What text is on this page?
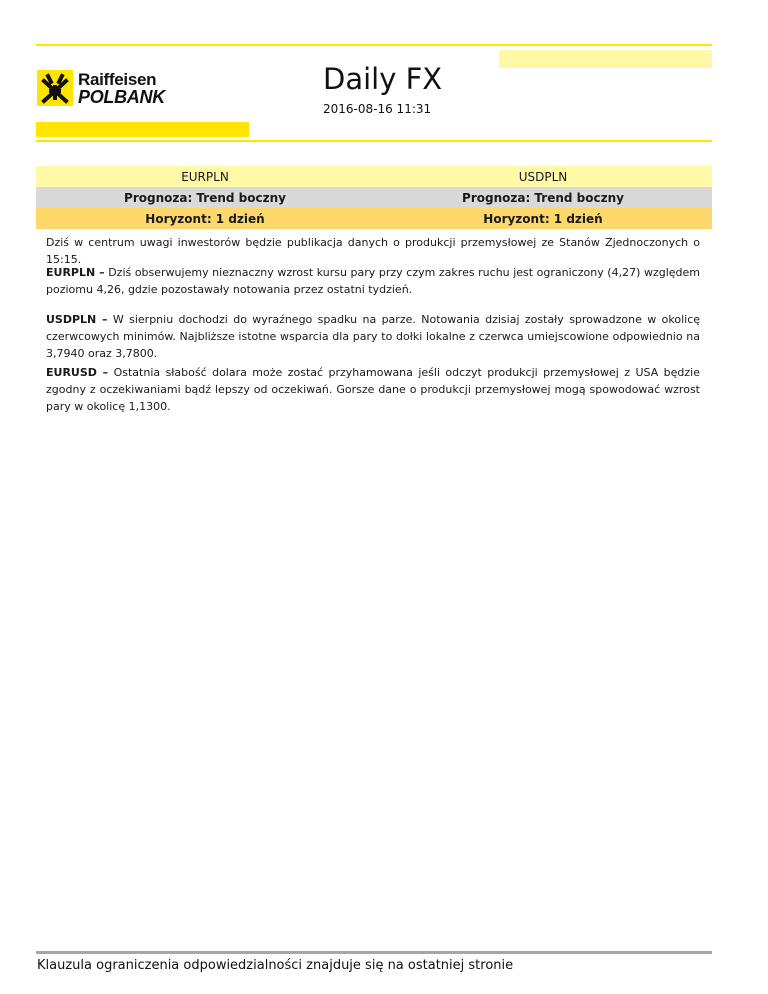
Raiffeisen
POLBANK
Daily FX
2016-08-16 11:31
EURPLN	USDPLN
Prognoza: Trend boczny	Prognoza: Trend boczny
Horyzont: 1 dzień	Horyzont: 1 dzień
Dziś w centrum uwagi inwestorów będzie publikacja danych o produkcji przemysłowej ze Stanów Zjednoczonych o 15:15.
EURPLN – Dziś obserwujemy nieznaczny wzrost kursu pary przy czym zakres ruchu jest ograniczony (4,27) względem poziomu 4,26, gdzie pozostawały notowania przez ostatni tydzień.
USDPLN – W sierpniu dochodzi do wyraźnego spadku na parze. Notowania dzisiaj zostały sprowadzone w okolicę czerwcowych minimów. Najbliższe istotne wsparcia dla pary to dołki lokalne z czerwca umiejscowione odpowiednio na 3,7940 oraz 3,7800.
EURUSD – Ostatnia słabość dolara może zostać przyhamowana jeśli odczyt produkcji przemysłowej z USA będzie zgodny z oczekiwaniami bądź lepszy od oczekiwań. Gorsze dane o produkcji przemysłowej mogą spowodować wzrost pary w okolicę 1,1300.
Klauzula ograniczenia odpowiedzialności znajduje się na ostatniej stronie
